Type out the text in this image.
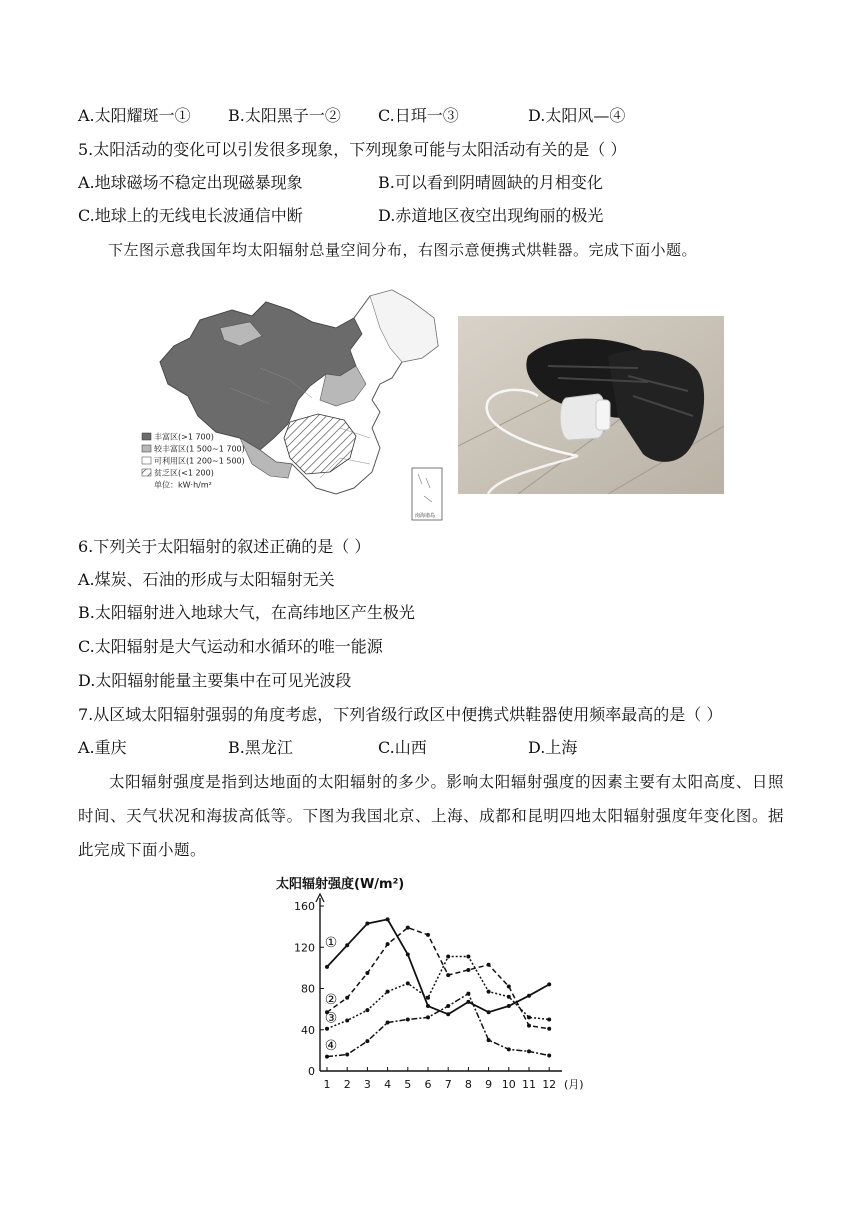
A.太阳耀斑一① B.太阳黑子一② C.日珥一③	D.太阳风—④
5.太阳活动的变化可以引发很多现象，下列现象可能与太阳活动有关的是（ ）
A.地球磁场不稳定出现磁暴现象	B.可以看到阴晴圆缺的月相变化
C.地球上的无线电长波通信中断	D.赤道地区夜空出现绚丽的极光
下左图示意我国年均太阳辐射总量空间分布，右图示意便携式烘鞋器。完成下面小题。
丰富区(>1 700)
较丰富区(1 500~1 700)
可利用区(1 200~1 500)
贫乏区(<1 200)
单位：kW·h/m²
南海诸岛
6.下列关于太阳辐射的叙述正确的是（ ）
A.煤炭、石油的形成与太阳辐射无关
B.太阳辐射进入地球大气，在高纬地区产生极光
C.太阳辐射是大气运动和水循环的唯一能源
D.太阳辐射能量主要集中在可见光波段
7.从区域太阳辐射强弱的角度考虑，下列省级行政区中便携式烘鞋器使用频率最高的是（ ）
A.重庆	B.黑龙江	C.山西	D.上海
太阳辐射强度是指到达地面的太阳辐射的多少。影响太阳辐射强度的因素主要有太阳高度、日照时间、天气状况和海拔高低等。下图为我国北京、上海、成都和昆明四地太阳辐射强度年变化图。据此完成下面小题。
太阳辐射强度(W/m²)
0
40
80
120
160
1 2 3 4 5 6 7 8 9 10 11 12 (月)
①
②
③
④
